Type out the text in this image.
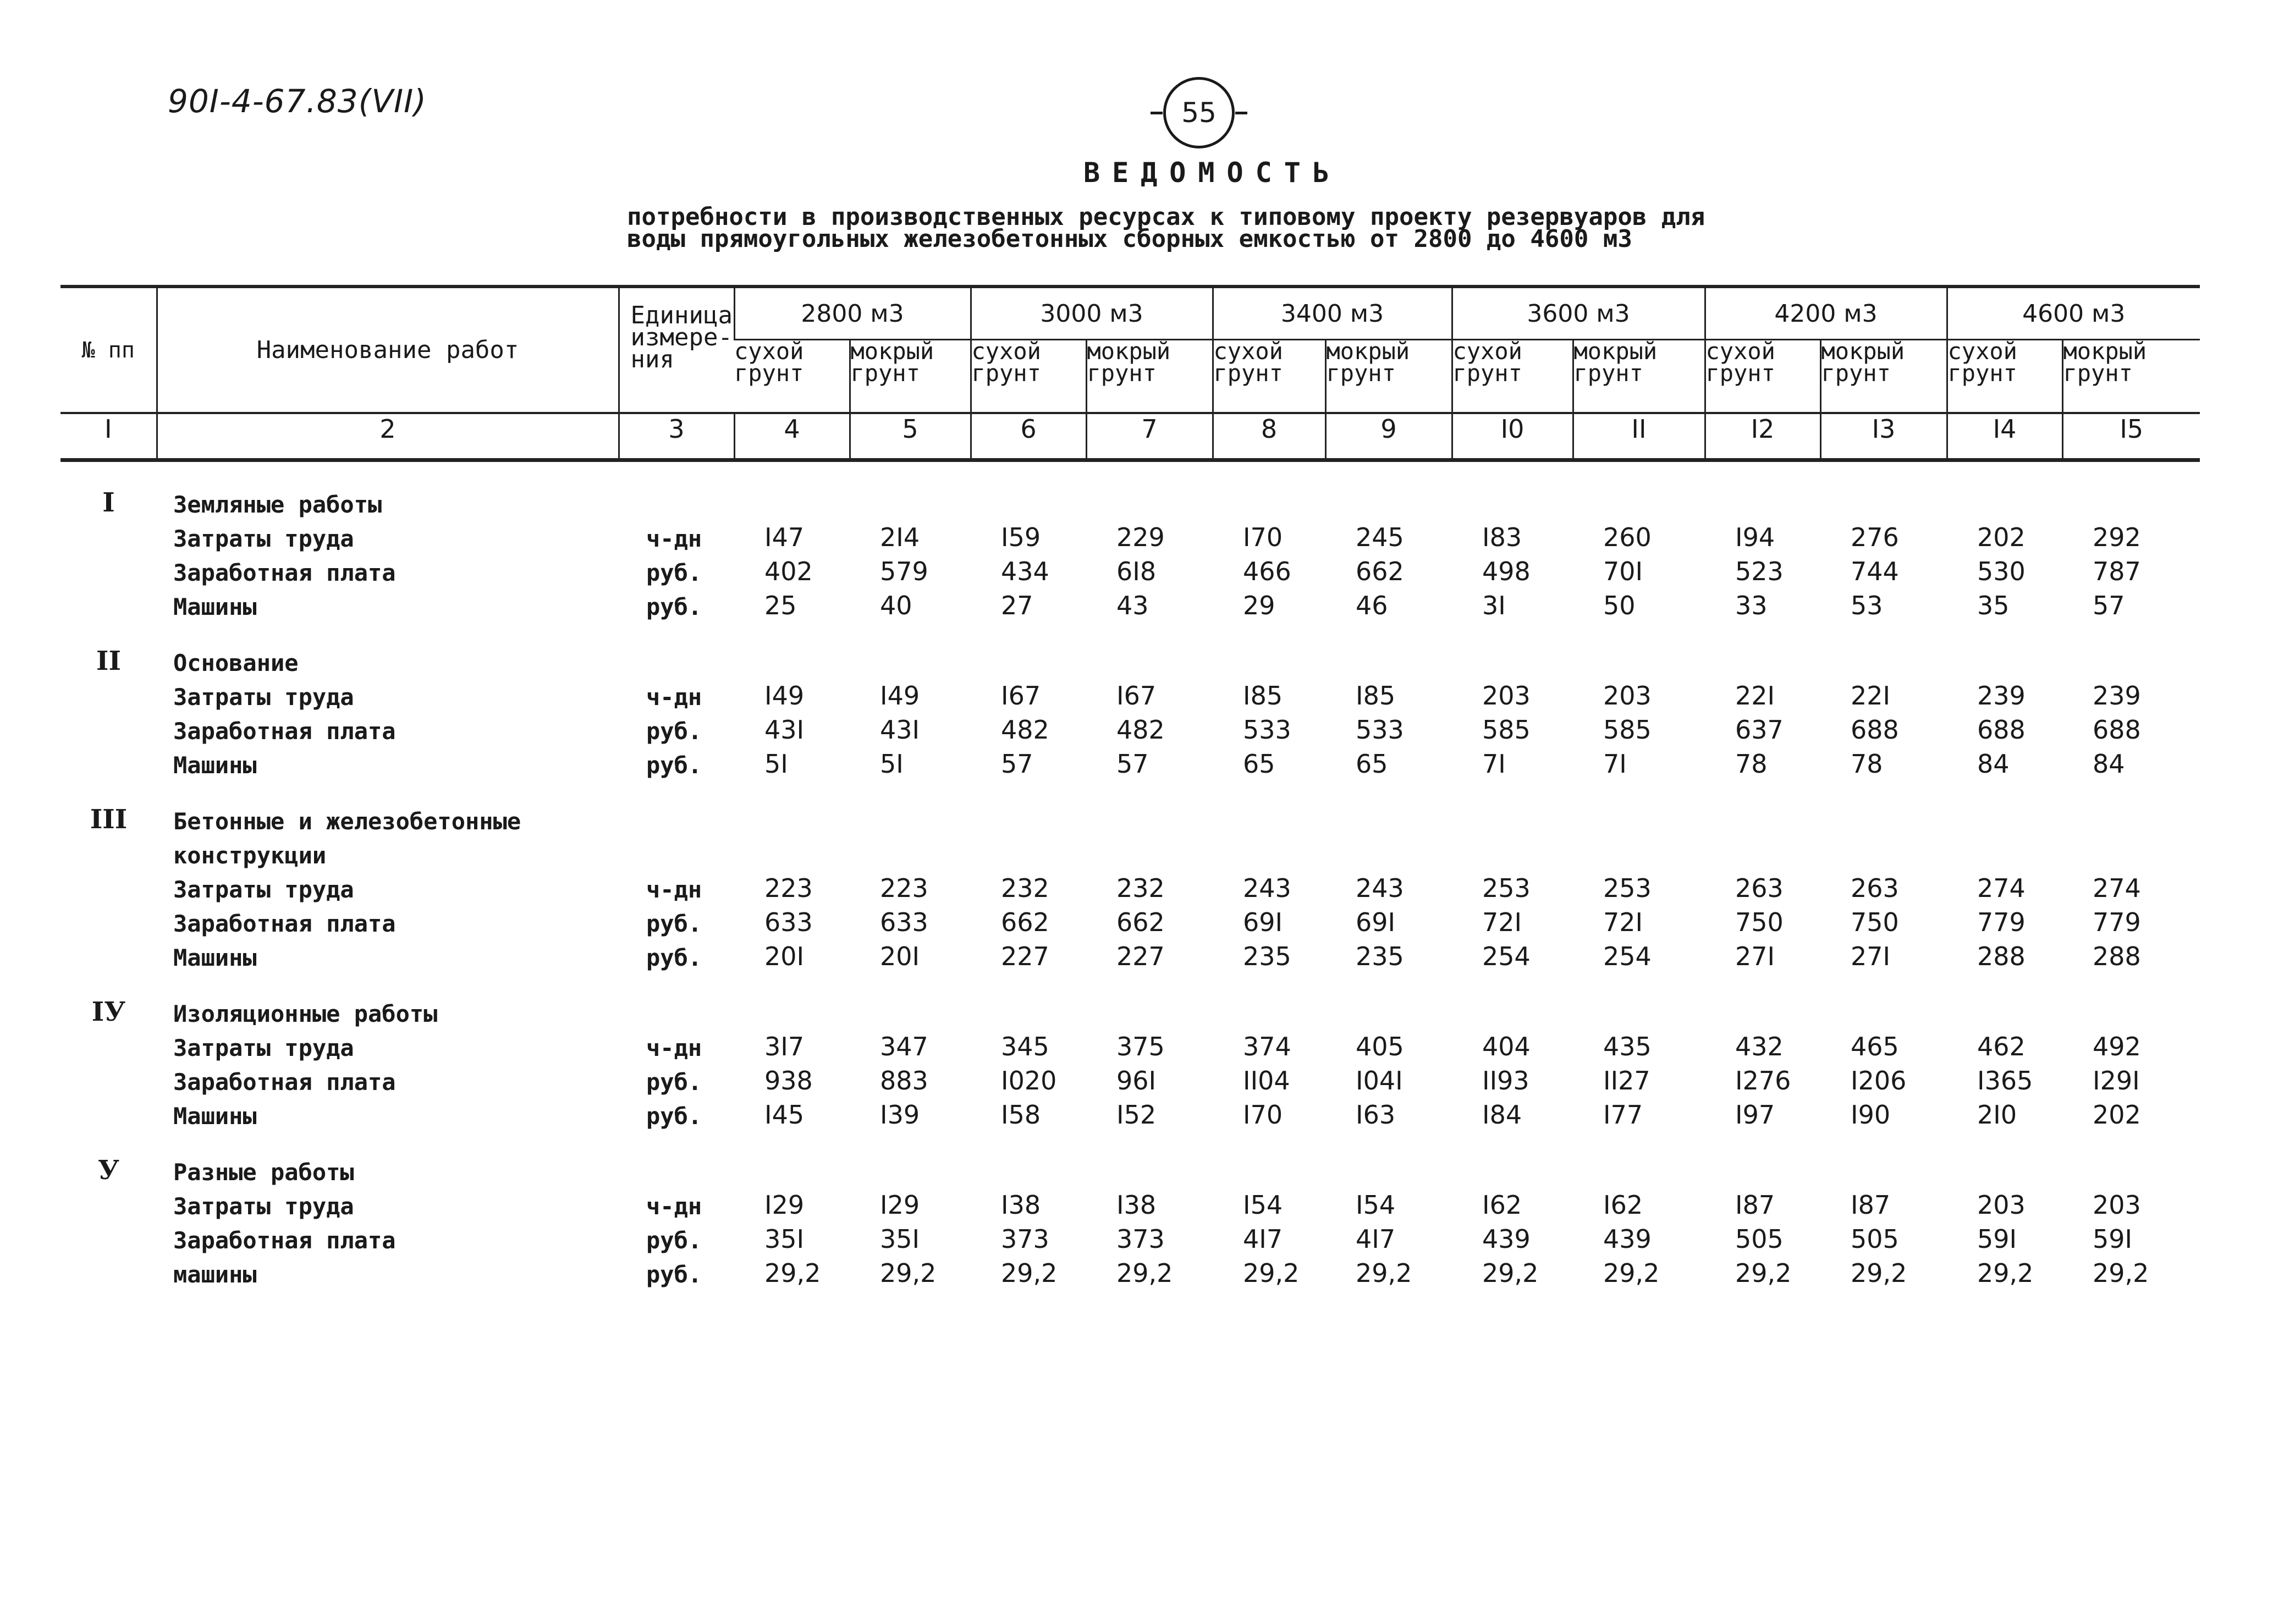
90I-4-67.83(VII)	55
ВЕДОМОСТЬ
потребности в производственных ресурсах к типовому проекту резервуаров для
воды прямоугольных железобетонных сборных емкостью от 2800 до 4600 м3
№ пп	Наименование работ	Единица измере- ния	2800 м3		3000 м3		3400 м3		3600 м3		4200 м3		4600 м3	
			сухой грунт	мокрый грунт	сухой грунт	мокрый грунт	сухой грунт	мокрый грунт	сухой грунт	мокрый грунт	сухой грунт	мокрый грунт	сухой грунт	мокрый грунт
I	2	3	4	5	6	7	8	9	I0	II	I2	I3	I4	I5
I	Земляные работы													
	Затраты труда	ч-дн	I47	2I4	I59	229	I70	245	I83	260	I94	276	202	292
	Заработная плата	руб.	402	579	434	6I8	466	662	498	70I	523	744	530	787
	Машины	руб.	25	40	27	43	29	46	3I	50	33	53	35	57
II	Основание													
	Затраты труда	ч-дн	I49	I49	I67	I67	I85	I85	203	203	22I	22I	239	239
	Заработная плата	руб.	43I	43I	482	482	533	533	585	585	637	688	688	688
	Машины	руб.	5I	5I	57	57	65	65	7I	7I	78	78	84	84
III	Бетонные и железобетонные													
	конструкции													
	Затраты труда	ч-дн	223	223	232	232	243	243	253	253	263	263	274	274
	Заработная плата	руб.	633	633	662	662	69I	69I	72I	72I	750	750	779	779
	Машины	руб.	20I	20I	227	227	235	235	254	254	27I	27I	288	288
IУ	Изоляционные работы													
	Затраты труда	ч-дн	3I7	347	345	375	374	405	404	435	432	465	462	492
	Заработная плата	руб.	938	883	I020	96I	II04	I04I	II93	II27	I276	I206	I365	I29I
	Машины	руб.	I45	I39	I58	I52	I70	I63	I84	I77	I97	I90	2I0	202
У	Разные работы													
	Затраты труда	ч-дн	I29	I29	I38	I38	I54	I54	I62	I62	I87	I87	203	203
	Заработная плата	руб.	35I	35I	373	373	4I7	4I7	439	439	505	505	59I	59I
	машины	руб.	29,2	29,2	29,2	29,2	29,2	29,2	29,2	29,2	29,2	29,2	29,2	29,2
